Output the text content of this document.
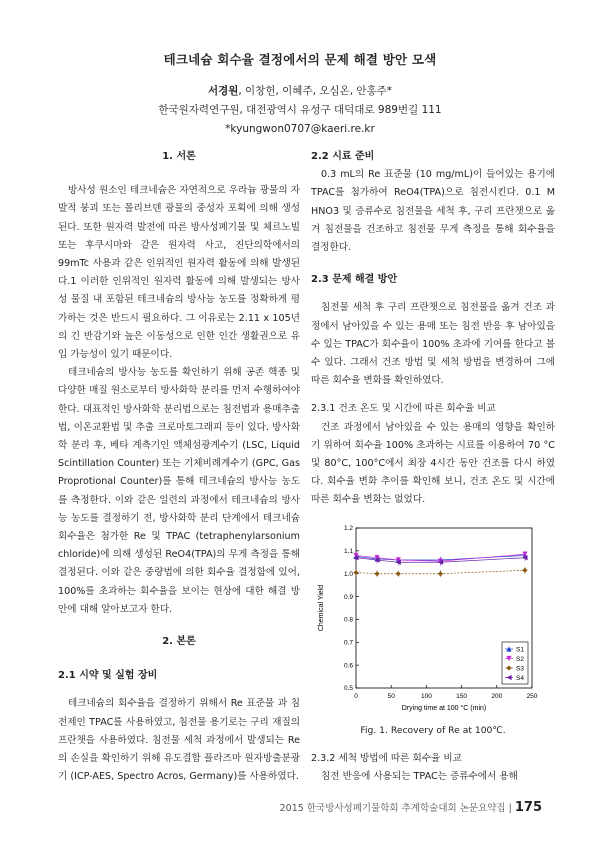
테크네슘 회수율 결정에서의 문제 해결 방안 모색
서경원, 이창헌, 이혜주, 오심온, 안홍주*
한국원자력연구원, 대전광역시 유성구 대덕대로 989번길 111
*kyungwon0707@kaeri.re.kr
1. 서론

방사성 원소인 테크네슘은 자연적으로 우라늄 광물의 자발적 붕괴 또는 몰리브덴 광물의 중성자 포획에 의해 생성된다. 또한 원자력 발전에 따른 방사성폐기물 및 체르노빌 또는 후쿠시마와 같은 원자력 사고, 진단의학에서의 99mTc 사용과 같은 인위적인 원자력 활동에 의해 발생된다.1 이러한 인위적인 원자력 활동에 의해 발생되는 방사성 물질 내 포함된 테크네슘의 방사능 농도를 정확하게 평가하는 것은 반드시 필요하다. 그 이유로는 2.11 x 105년의 긴 반감기와 높은 이동성으로 인한 인간 생활권으로 유입 가능성이 있기 때문이다.

테크네슘의 방사능 농도를 확인하기 위해 공존 핵종 및 다양한 매질 원소로부터 방사화학 분리를 먼저 수행하여야 한다. 대표적인 방사화학 분리법으로는 침전법과 용매추출법, 이온교환법 및 추출 크로마토그래피 등이 있다. 방사화학 분리 후, 베타 계측기인 액체섬광계수기 (LSC, Liquid Scintillation Counter) 또는 기체비례계수기 (GPC, Gas Proprotional Counter)를 통해 테크네슘의 방사능 농도를 측정한다. 이와 같은 일련의 과정에서 테크네슘의 방사능 농도를 결정하기 전, 방사화학 분리 단계에서 테크네슘 회수율은 첨가한 Re 및 TPAC (tetraphenylarsonium chloride)에 의해 생성된 ReO4(TPA)의 무게 측정을 통해 결정된다. 이와 같은 중량법에 의한 회수율 결정함에 있어, 100%를 초과하는 회수율을 보이는 현상에 대한 해결 방안에 대해 알아보고자 한다.

2. 본론
2.1 시약 및 실험 장비

테크네슘의 회수율을 결정하기 위해서 Re 표준물 과 침전제인 TPAC를 사용하였고, 침전물 용기로는 구리 재질의 프란챗을 사용하였다. 침전물 세척 과정에서 발생되는 Re의 손실을 확인하기 위해 유도결합 플라즈마 원자방출분광기 (ICP-AES, Spectro Acros, Germany)를 사용하였다.

2.2 시료 준비

0.3 mL의 Re 표준물 (10 mg/mL)이 들어있는 용기에 TPAC를 첨가하여 ReO4(TPA)으로 침전시킨다. 0.1 M HNO3 및 증류수로 침전물을 세척 후, 구리 프란챗으로 옮겨 침전물을 건조하고 침전물 무게 측정을 통해 회수율을 결정한다.

2.3 문제 해결 방안

침전물 세척 후 구리 프란챗으로 침전물을 옮겨 건조 과정에서 남아있을 수 있는 용매 또는 침전 반응 후 남아있을 수 있는 TPAC가 회수율이 100% 초과에 기여를 한다고 볼 수 있다. 그래서 건조 방법 및 세척 방법을 변경하여 그에 따른 회수율 변화를 확인하였다.

2.3.1 건조 온도 및 시간에 따른 회수율 비교

건조 과정에서 남아있을 수 있는 용매의 영향을 확인하기 위하여 회수율 100% 초과하는 시료를 이용하여 70 °C 및 80°C, 100°C에서 최장 4시간 동안 건조를 다시 하였다. 회수율 변화 추이를 확인해 보니, 건조 온도 및 시간에 따른 회수율 변화는 없었다.

0	50	100	150	200	250
0.5
0.6
0.7
0.8
0.9
1.0
1.1
1.2
Drying time at 100 °C (min)
Chemical Yield
S1
S2
S3
S4
Fig. 1. Recovery of Re at 100℃.
2.3.2 세척 방법에 따른 회수율 비교

침전 반응에 사용되는 TPAC는 증류수에서 용해

2015 한국방사성폐기물학회 추계학술대회 논문요약집 | 175
